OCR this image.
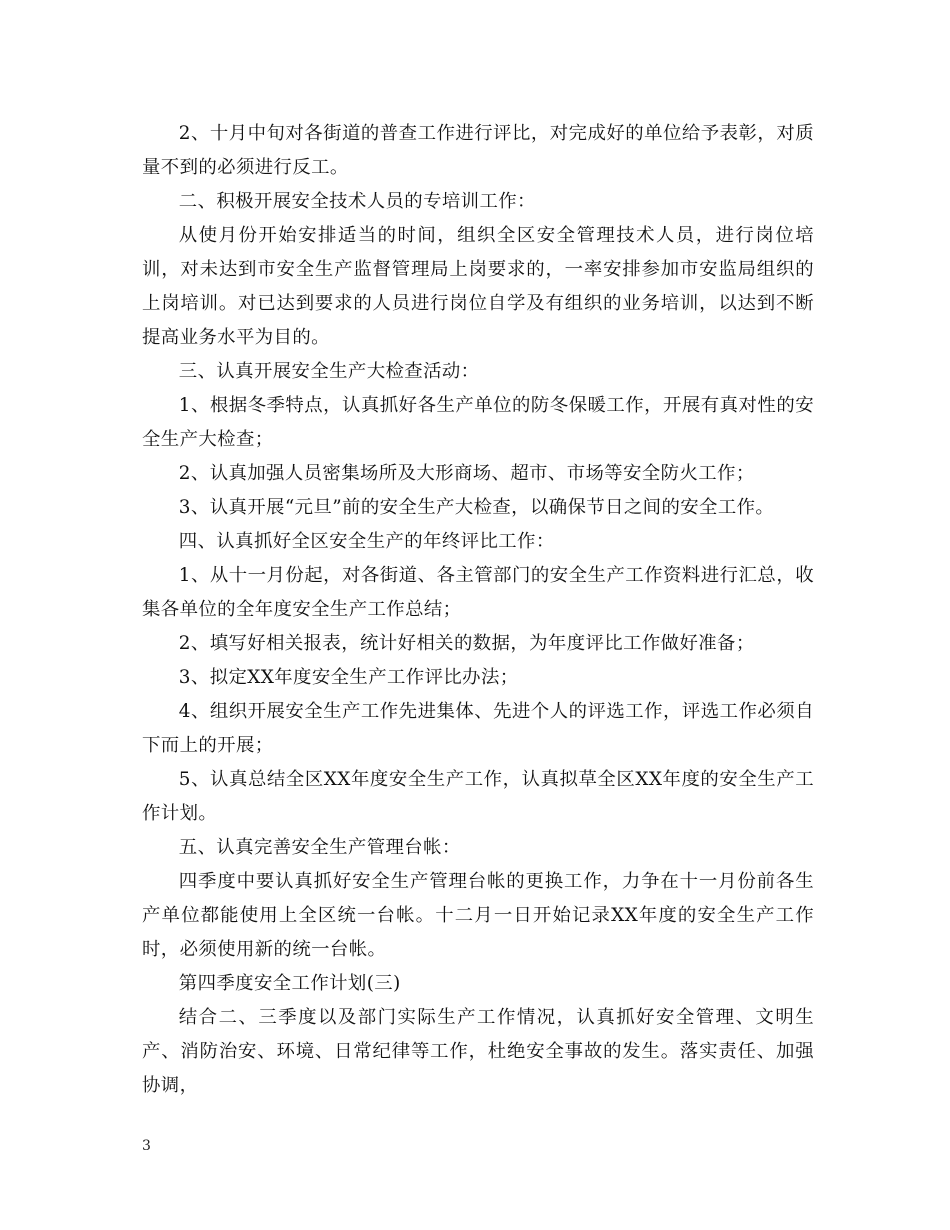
2、十月中旬对各街道的普查工作进行评比，对完成好的单位给予表彰，对质量不到的必须进行反工。

二、积极开展安全技术人员的专培训工作：

从使月份开始安排适当的时间，组织全区安全管理技术人员，进行岗位培训，对未达到市安全生产监督管理局上岗要求的，一率安排参加市安监局组织的上岗培训。对已达到要求的人员进行岗位自学及有组织的业务培训，以达到不断提高业务水平为目的。

三、认真开展安全生产大检查活动：

1、根据冬季特点，认真抓好各生产单位的防冬保暖工作，开展有真对性的安全生产大检查；

2、认真加强人员密集场所及大形商场、超市、市场等安全防火工作；

3、认真开展“元旦”前的安全生产大检查，以确保节日之间的安全工作。

四、认真抓好全区安全生产的年终评比工作：

1、从十一月份起，对各街道、各主管部门的安全生产工作资料进行汇总，收集各单位的全年度安全生产工作总结；

2、填写好相关报表，统计好相关的数据，为年度评比工作做好准备；

3、拟定XX年度安全生产工作评比办法；

4、组织开展安全生产工作先进集体、先进个人的评选工作，评选工作必须自下而上的开展；

5、认真总结全区XX年度安全生产工作，认真拟草全区XX年度的安全生产工作计划。

五、认真完善安全生产管理台帐：

四季度中要认真抓好安全生产管理台帐的更换工作，力争在十一月份前各生产单位都能使用上全区统一台帐。十二月一日开始记录XX年度的安全生产工作时，必须使用新的统一台帐。

第四季度安全工作计划(三)

结合二、三季度以及部门实际生产工作情况，认真抓好安全管理、文明生产、消防治安、环境、日常纪律等工作，杜绝安全事故的发生。落实责任、加强协调，

3
